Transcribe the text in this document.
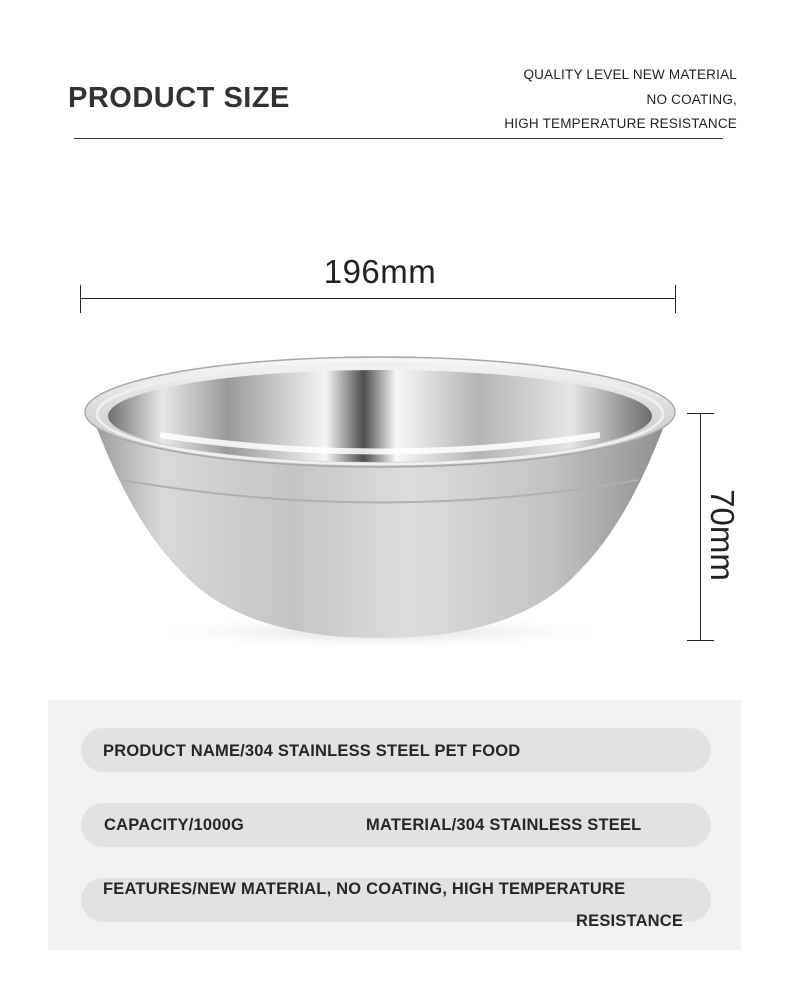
PRODUCT SIZE
QUALITY LEVEL NEW MATERIAL
NO COATING,
HIGH TEMPERATURE RESISTANCE
196mm
70mm
PRODUCT NAME/304 STAINLESS STEEL PET FOOD
CAPACITY/1000G	MATERIAL/304 STAINLESS STEEL
FEATURES/NEW MATERIAL, NO COATING, HIGH TEMPERATURE
RESISTANCE
